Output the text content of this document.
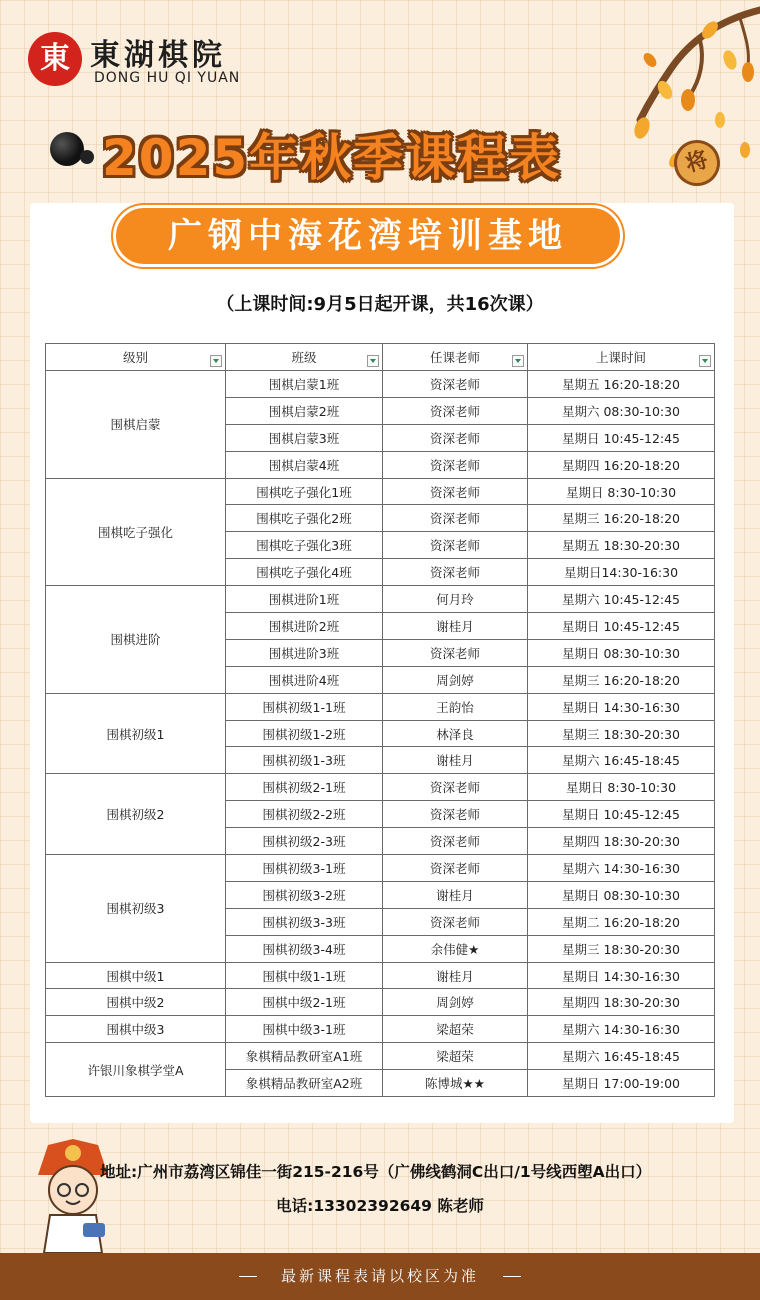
東 東湖棋院
DONG HU QI YUAN
2025年秋季课程表	将
广钢中海花湾培训基地
（上课时间:9月5日起开课，共16次课）
级别	班级	任课老师	上课时间

围棋启蒙	围棋启蒙1班	资深老师	星期五 16:20-18:20
	围棋启蒙2班	资深老师	星期六 08:30-10:30
	围棋启蒙3班	资深老师	星期日 10:45-12:45
	围棋启蒙4班	资深老师	星期四 16:20-18:20
围棋吃子强化	围棋吃子强化1班	资深老师	星期日 8:30-10:30
	围棋吃子强化2班	资深老师	星期三 16:20-18:20
	围棋吃子强化3班	资深老师	星期五 18:30-20:30
	围棋吃子强化4班	资深老师	星期日14:30-16:30
围棋进阶	围棋进阶1班	何月玲	星期六 10:45-12:45
	围棋进阶2班	谢桂月	星期日 10:45-12:45
	围棋进阶3班	资深老师	星期日 08:30-10:30
	围棋进阶4班	周剑婷	星期三 16:20-18:20
围棋初级1	围棋初级1-1班	王韵怡	星期日 14:30-16:30
	围棋初级1-2班	林泽良	星期三 18:30-20:30
	围棋初级1-3班	谢桂月	星期六 16:45-18:45
围棋初级2	围棋初级2-1班	资深老师	星期日 8:30-10:30
	围棋初级2-2班	资深老师	星期日 10:45-12:45
	围棋初级2-3班	资深老师	星期四 18:30-20:30
围棋初级3	围棋初级3-1班	资深老师	星期六 14:30-16:30
	围棋初级3-2班	谢桂月	星期日 08:30-10:30
	围棋初级3-3班	资深老师	星期二 16:20-18:20
	围棋初级3-4班	余伟健★	星期三 18:30-20:30
围棋中级1	围棋中级1-1班	谢桂月	星期日 14:30-16:30
围棋中级2	围棋中级2-1班	周剑婷	星期四 18:30-20:30
围棋中级3	围棋中级3-1班	梁超荣	星期六 14:30-16:30
许银川象棋学堂A	象棋精品教研室A1班	梁超荣	星期六 16:45-18:45
	象棋精品教研室A2班	陈博城★★	星期日 17:00-19:00
地址:广州市荔湾区锦佳一街215-216号（广佛线鹤洞C出口/1号线西塱A出口）
电话:13302392649 陈老师
最新课程表请以校区为准
